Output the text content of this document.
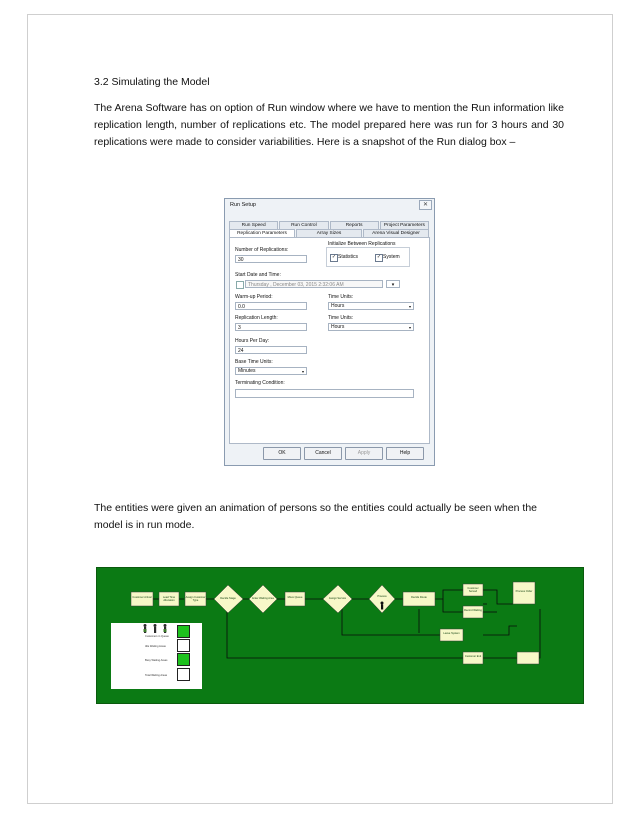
3.2 Simulating the Model
The Arena Software has on option of Run window where we have to mention the Run information like replication length, number of replications etc. The model prepared here was run for 3 hours and 30 replications were made to consider variabilities. Here is a snapshot of the Run dialog box –
Run Setup	✕
Run Speed	Run Control	Reports	Project Parameters
Replication Parameters	Array Sizes	Arena Visual Designer
Number of Replications:
30
Initialize Between Replications
✓ Statistics	✓ System
Start Date and Time:
Thursday , December 03, 2015 2:32:06 AM	▾
Warm-up Period:
0.0
Time Units:
Hours	▾
Replication Length:
3
Time Units:
Hours	▾
Hours Per Day:
24
Base Time Units:
Minutes	▾
Terminating Condition:
OK	Cancel	Apply	Help
The entities were given an animation of persons so the entities could actually be seen when the model is in run mode.
Customers in Queue
Idle Waiting Areas
Busy Waiting Areas
Total Waiting Areas
Customer Arrival	Lead Time Allocation
Assign Customer Type
Decide Stage	Enter Waiting Area	Move Queue	Assign Service
Process	Decide Route
Customer Served	Process Order
Record Waiting
Leave System
Customer Exit
